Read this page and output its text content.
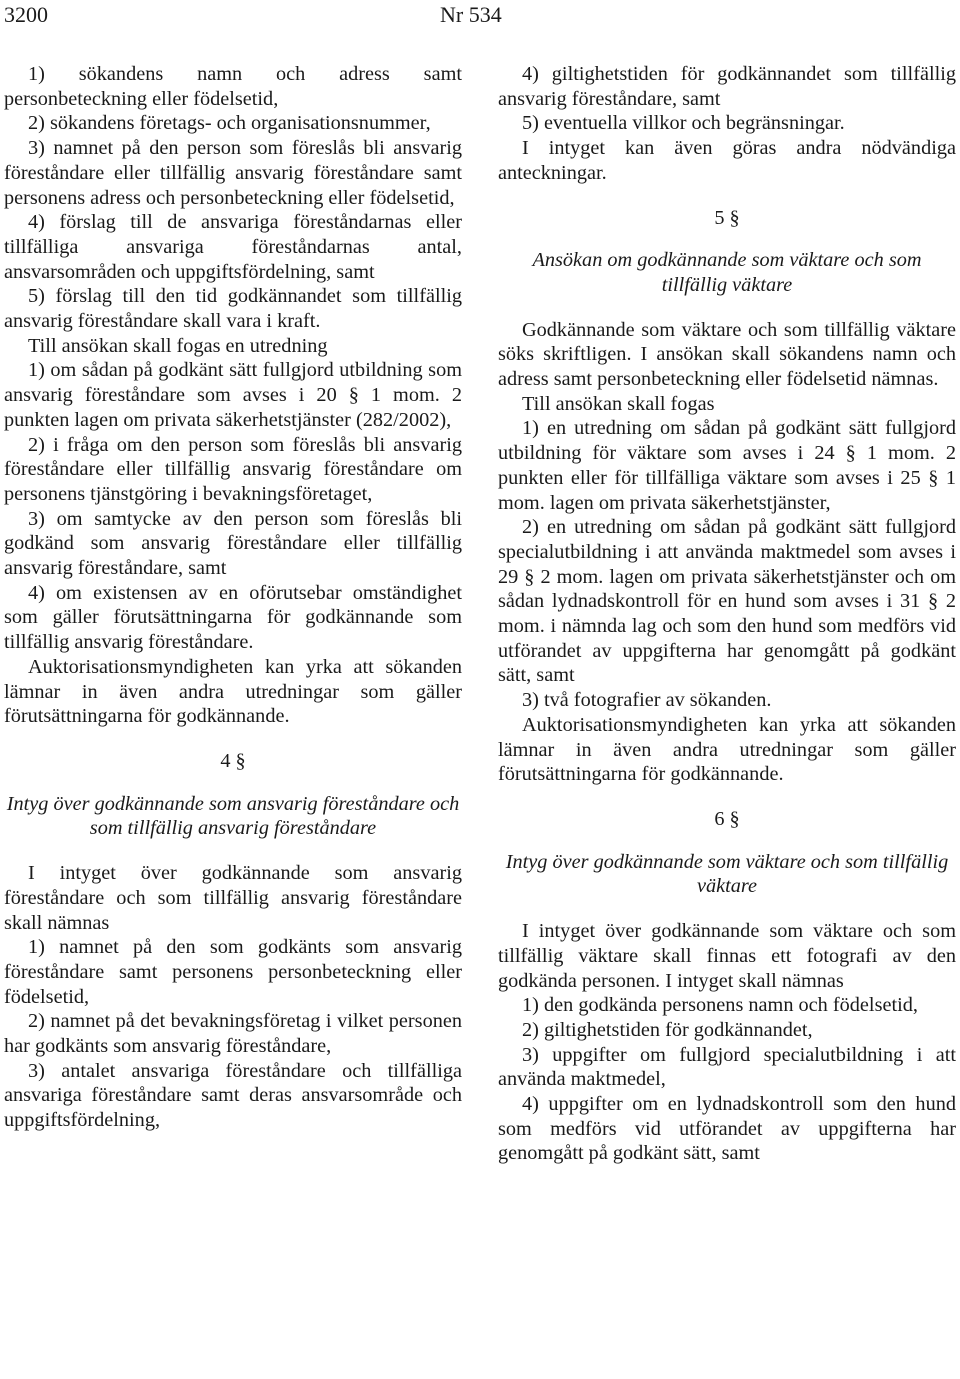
3200	Nr 534

1) sökandens namn och adress samt personbeteckning eller födelsetid,

2) sökandens företags- och organisationsnummer,

3) namnet på den person som föreslås bli ansvarig föreståndare eller tillfällig ansvarig föreståndare samt personens adress och personbeteckning eller födelsetid,

4) förslag till de ansvariga föreståndarnas eller tillfälliga ansvariga föreståndarnas antal, ansvarsområden och uppgiftsfördelning, samt

5) förslag till den tid godkännandet som tillfällig ansvarig föreståndare skall vara i kraft.

Till ansökan skall fogas en utredning

1) om sådan på godkänt sätt fullgjord utbildning som ansvarig föreståndare som avses i 20 § 1 mom. 2 punkten lagen om privata säkerhetstjänster (282/2002),

2) i fråga om den person som föreslås bli ansvarig föreståndare eller tillfällig ansvarig föreståndare om personens tjänstgöring i bevakningsföretaget,

3) om samtycke av den person som föreslås bli godkänd som ansvarig föreståndare eller tillfällig ansvarig föreståndare, samt

4) om existensen av en oförutsebar omständighet som gäller förutsättningarna för godkännande som tillfällig ansvarig föreståndare.

Auktorisationsmyndigheten kan yrka att sökanden lämnar in även andra utredningar som gäller förutsättningarna för godkännande.

4 §

Intyg över godkännande som ansvarig föreståndare och som tillfällig ansvarig föreståndare

I intyget över godkännande som ansvarig föreståndare och som tillfällig ansvarig föreståndare skall nämnas

1) namnet på den som godkänts som ansvarig föreståndare samt personens personbeteckning eller födelsetid,

2) namnet på det bevakningsföretag i vilket personen har godkänts som ansvarig föreståndare,

3) antalet ansvariga föreståndare och tillfälliga ansvariga föreståndare samt deras ansvarsområde och uppgiftsfördelning,

4) giltighetstiden för godkännandet som tillfällig ansvarig föreståndare, samt

5) eventuella villkor och begränsningar.

I intyget kan även göras andra nödvändiga anteckningar.

5 §

Ansökan om godkännande som väktare och som tillfällig väktare

Godkännande som väktare och som tillfällig väktare söks skriftligen. I ansökan skall sökandens namn och adress samt personbeteckning eller födelsetid nämnas.

Till ansökan skall fogas

1) en utredning om sådan på godkänt sätt fullgjord utbildning för väktare som avses i 24 § 1 mom. 2 punkten eller för tillfälliga väktare som avses i 25 § 1 mom. lagen om privata säkerhetstjänster,

2) en utredning om sådan på godkänt sätt fullgjord specialutbildning i att använda maktmedel som avses i 29 § 2 mom. lagen om privata säkerhetstjänster och om sådan lydnadskontroll för en hund som avses i 31 § 2 mom. i nämnda lag och som den hund som medförs vid utförandet av uppgifterna har genomgått på godkänt sätt, samt

3) två fotografier av sökanden.

Auktorisationsmyndigheten kan yrka att sökanden lämnar in även andra utredningar som gäller förutsättningarna för godkännande.

6 §

Intyg över godkännande som väktare och som tillfällig väktare

I intyget över godkännande som väktare och som tillfällig väktare skall finnas ett fotografi av den godkända personen. I intyget skall nämnas

1) den godkända personens namn och födelsetid,

2) giltighetstiden för godkännandet,

3) uppgifter om fullgjord specialutbildning i att använda maktmedel,

4) uppgifter om en lydnadskontroll som den hund som medförs vid utförandet av uppgifterna har genomgått på godkänt sätt, samt
